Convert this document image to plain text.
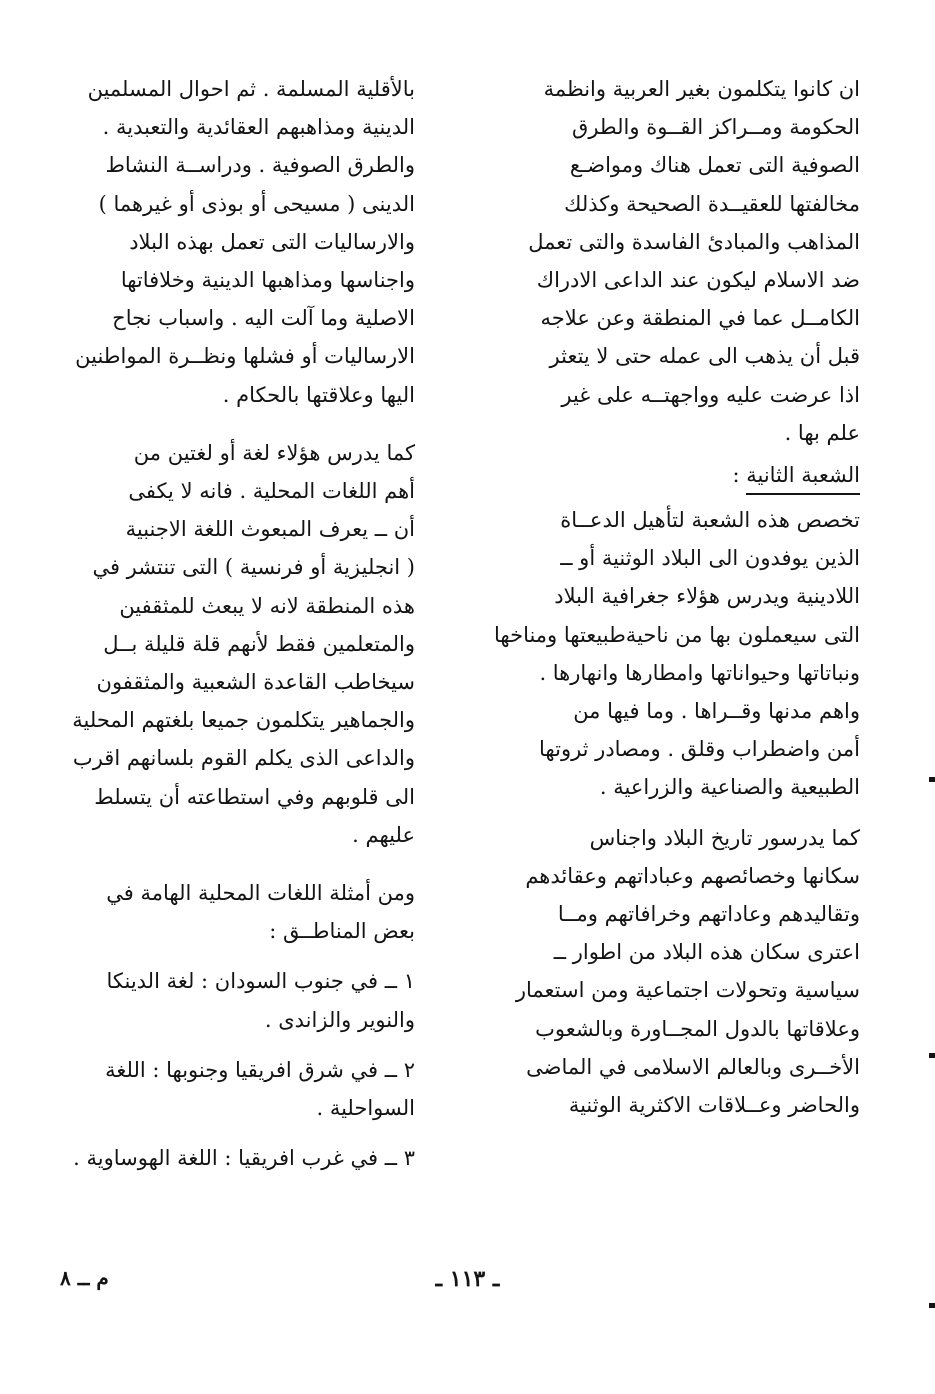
ان كانوا يتكلمون بغير العربية وانظمة
الحكومة ومــراكز القــوة والطرق
الصوفية التى تعمل هناك ومواضـع
مخالفتها للعقيــدة الصحيحة وكذلك
المذاهب والمبادئ الفاسدة والتى تعمل
ضد الاسلام ليكون عند الداعى الادراك
الكامــل عما في المنطقة وعن علاجه
قبل أن يذهب الى عمله حتى لا يتعثر
اذا عرضت عليه وواجهتــه على غير
علم بها .
الشعبة الثانية :
تخصص هذه الشعبة لتأهيل الدعــاة
الذين يوفدون الى البلاد الوثنية أو ــ
اللادينية ويدرس هؤلاء جغرافية البلاد
التى سيعملون بها من ناحيةطبيعتها ومناخها
ونباتاتها وحيواناتها وامطارها وانهارها .
واهم مدنها وقــراها . وما فيها من
أمن واضطراب وقلق . ومصادر ثروتها
الطبيعية والصناعية والزراعية .
كما يدرسور تاريخ البلاد واجناس
سكانها وخصائصهم وعباداتهم وعقائدهم
وتقاليدهم وعاداتهم وخرافاتهم ومــا
اعترى سكان هذه البلاد من اطوار ــ
سياسية وتحولات اجتماعية ومن استعمار
وعلاقاتها بالدول المجــاورة وبالشعوب
الأخــرى وبالعالم الاسلامى في الماضى
والحاضر وعــلاقات الاكثرية الوثنية
بالأقلية المسلمة . ثم احوال المسلمين
الدينية ومذاهبهم العقائدية والتعبدية .
والطرق الصوفية . ودراســة النشاط
الدينى ( مسيحى أو بوذى أو غيرهما )
والارساليات التى تعمل بهذه البلاد
واجناسها ومذاهبها الدينية وخلافاتها
الاصلية وما آلت اليه . واسباب نجاح
الارساليات أو فشلها ونظــرة المواطنين
اليها وعلاقتها بالحكام .
كما يدرس هؤلاء لغة أو لغتين من
أهم اللغات المحلية . فانه لا يكفى
أن ــ يعرف المبعوث اللغة الاجنبية
( انجليزية أو فرنسية ) التى تنتشر في
هذه المنطقة لانه لا يبعث للمثقفين
والمتعلمين فقط لأنهم قلة قليلة بــل
سيخاطب القاعدة الشعبية والمثقفون
والجماهير يتكلمون جميعا بلغتهم المحلية
والداعى الذى يكلم القوم بلسانهم اقرب
الى قلوبهم وفي استطاعته أن يتسلط
عليهم .
ومن أمثلة اللغات المحلية الهامة في
بعض المناطــق :
١ ــ في جنوب السودان : لغة الدينكا
والنوير والزاندى .
٢ ــ في شرق افريقيا وجنوبها : اللغة
السواحلية .
٣ ــ في غرب افريقيا : اللغة الهوساوية .
ـ ١١٣ ـ
م ــ ٨
